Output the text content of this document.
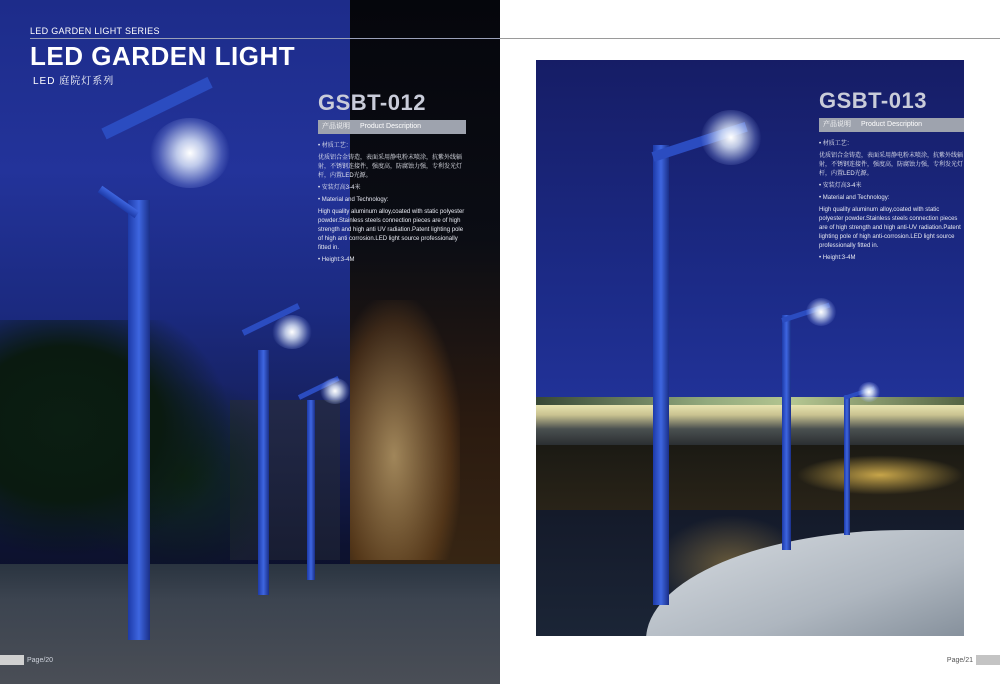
LED GARDEN LIGHT SERIES
LED GARDEN LIGHT
LED 庭院灯系列
GSBT-012
产品说明 Product Description

• 材质工艺：

优质铝合金铸造，表面采用静电粉末喷涂，抗紫外线辐射，不锈钢连接件，强度高，防腐蚀力强，专利发光灯杆，内置LED光源。

• 安装灯高3-4米

• Material and Technology:

High quality aluminum alloy,coated with static polyester powder.Stainless steels connection pieces are of high strength and high anti UV radiation.Patent lighting pole of high anti corrosion.LED light source professionally fitted in.

• Height:3-4M

Page/20
GSBT-013
产品说明 Product Description

• 材质工艺：

优质铝合金铸造，表面采用静电粉末喷涂，抗紫外线辐射，不锈钢连接件，强度高，防腐蚀力强，专利发光灯杆，内置LED光源。

• 安装灯高3-4米

• Material and Technology:

High quality aluminum alloy,coated with static polyester powder.Stainless steels connection pieces are of high strength and high anti-UV radiation.Patent lighting pole of high anti-corrosion.LED light source professionally fitted in.

• Height:3-4M

Page/21
